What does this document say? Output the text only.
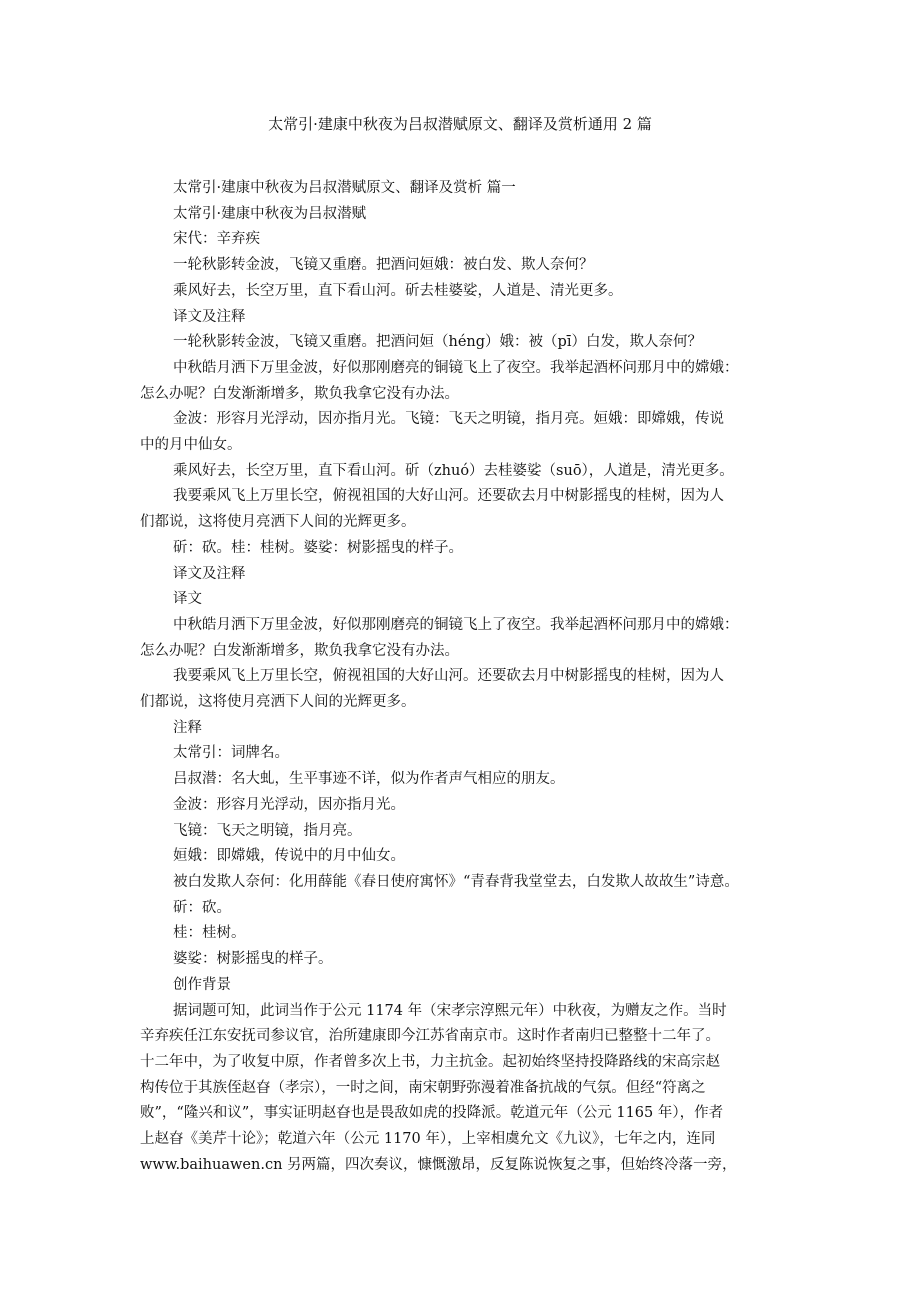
太常引·建康中秋夜为吕叔潜赋原文、翻译及赏析通用 2 篇

太常引·建康中秋夜为吕叔潜赋原文、翻译及赏析 篇一

太常引·建康中秋夜为吕叔潜赋

宋代：辛弃疾

一轮秋影转金波，飞镜又重磨。把酒问姮娥：被白发、欺人奈何？

乘风好去，长空万里，直下看山河。斫去桂婆娑，人道是、清光更多。

译文及注释

一轮秋影转金波，飞镜又重磨。把酒问姮（héng）娥：被（pī）白发，欺人奈何？

中秋皓月洒下万里金波，好似那刚磨亮的铜镜飞上了夜空。我举起酒杯问那月中的嫦娥：

怎么办呢？白发渐渐增多，欺负我拿它没有办法。

金波：形容月光浮动，因亦指月光。飞镜：飞天之明镜，指月亮。姮娥：即嫦娥，传说

中的月中仙女。

乘风好去，长空万里，直下看山河。斫（zhuó）去桂婆娑（suō），人道是，清光更多。

我要乘风飞上万里长空，俯视祖国的大好山河。还要砍去月中树影摇曳的桂树，因为人

们都说，这将使月亮洒下人间的光辉更多。

斫：砍。桂：桂树。婆娑：树影摇曳的样子。

译文及注释

译文

中秋皓月洒下万里金波，好似那刚磨亮的铜镜飞上了夜空。我举起酒杯问那月中的嫦娥：

怎么办呢？白发渐渐增多，欺负我拿它没有办法。

我要乘风飞上万里长空，俯视祖国的大好山河。还要砍去月中树影摇曳的桂树，因为人

们都说，这将使月亮洒下人间的光辉更多。

注释

太常引：词牌名。

吕叔潜：名大虬，生平事迹不详，似为作者声气相应的朋友。

金波：形容月光浮动，因亦指月光。

飞镜：飞天之明镜，指月亮。

姮娥：即嫦娥，传说中的月中仙女。

被白发欺人奈何：化用薛能《春日使府寓怀》“青春背我堂堂去，白发欺人故故生”诗意。

斫：砍。

桂：桂树。

婆娑：树影摇曳的样子。

创作背景

据词题可知，此词当作于公元 1174 年（宋孝宗淳熙元年）中秋夜，为赠友之作。当时

辛弃疾任江东安抚司参议官，治所建康即今江苏省南京市。这时作者南归已整整十二年了。

十二年中，为了收复中原，作者曾多次上书，力主抗金。起初始终坚持投降路线的宋高宗赵

构传位于其族侄赵昚（孝宗），一时之间，南宋朝野弥漫着准备抗战的气氛。但经“符离之

败”，“隆兴和议”，事实证明赵昚也是畏敌如虎的投降派。乾道元年（公元 1165 年），作者

上赵昚《美芹十论》；乾道六年（公元 1170 年），上宰相虞允文《九议》，七年之内，连同

www.baihuawen.cn 另两篇，四次奏议，慷慨激昂，反复陈说恢复之事，但始终冷落一旁，
